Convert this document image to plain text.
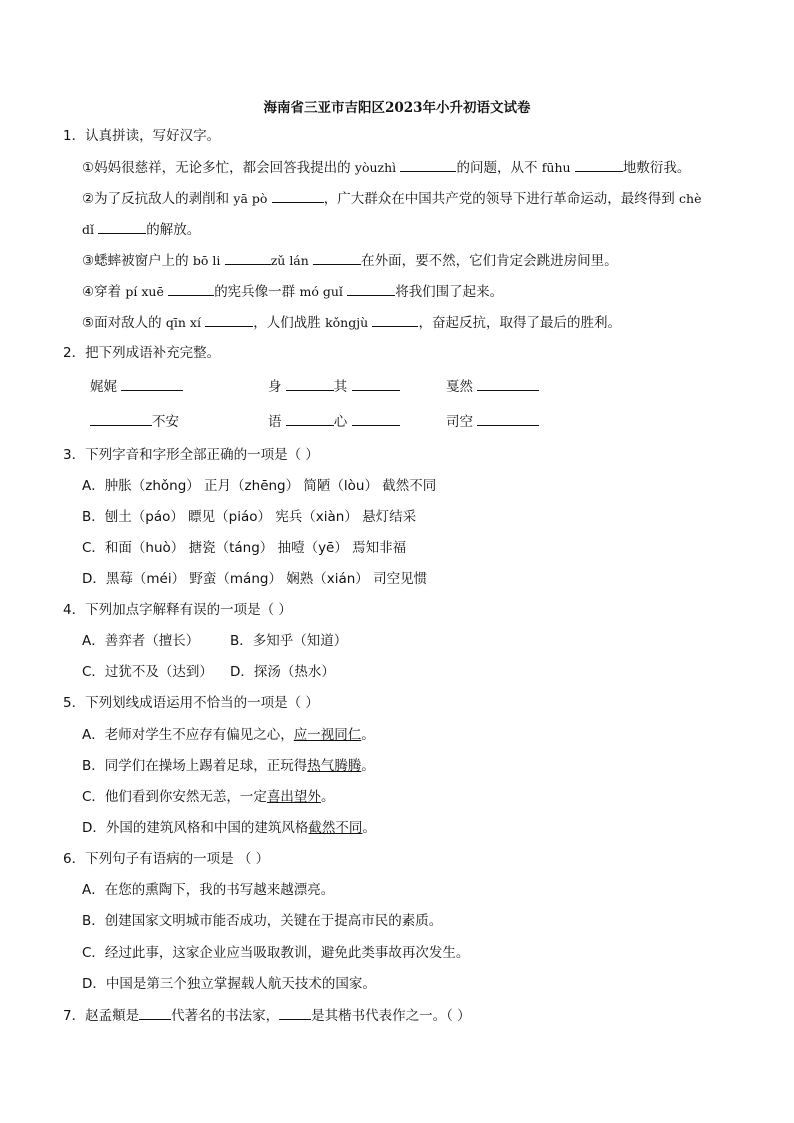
海南省三亚市吉阳区2023年小升初语文试卷
1．认真拼读，写好汉字。
①妈妈很慈祥，无论多忙，都会回答我提出的 yòuzhì	的问题，从不 fūhu	地敷衍我。
②为了反抗敌人的剥削和 yā pò	，广大群众在中国共产党的领导下进行革命运动，最终得到 chè
dǐ	的解放。
③蟋蟀被窗户上的 bō li	zǔ lán	在外面，要不然，它们肯定会跳进房间里。
④穿着 pí xuē	的宪兵像一群 mó guǐ	将我们围了起来。
⑤面对敌人的 qīn xí	，人们战胜 kǒngjù	，奋起反抗，取得了最后的胜利。
2．把下列成语补充完整。
娓娓	身	其	戛然
不安	语	心	司空
3．下列字音和字形全部正确的一项是（ ）
A．肿胀（zhǒng） 正月（zhēng） 简陋（lòu） 截然不同
B．刨土（páo） 瞟见（piáo） 宪兵（xiàn） 悬灯结采
C．和面（huò） 搪瓷（táng） 抽噎（yē） 焉知非福
D．黑莓（méi） 野蛮（máng） 娴熟（xián） 司空见惯
4．下列加点字解释有误的一项是（ ）
A．善弈者（擅长） B．多知乎（知道）
C．过犹不及（达到） D．探汤（热水）
5．下列划线成语运用不恰当的一项是（ ）
A．老师对学生不应存有偏见之心，应一视同仁。
B．同学们在操场上踢着足球，正玩得热气腾腾。
C．他们看到你安然无恙，一定喜出望外。
D．外国的建筑风格和中国的建筑风格截然不同。
6．下列句子有语病的一项是 （ ）
A．在您的熏陶下，我的书写越来越漂亮。
B．创建国家文明城市能否成功，关键在于提高市民的素质。
C．经过此事，这家企业应当吸取教训，避免此类事故再次发生。
D．中国是第三个独立掌握载人航天技术的国家。
7．赵孟頫是 代著名的书法家， 是其楷书代表作之一。（ ）
